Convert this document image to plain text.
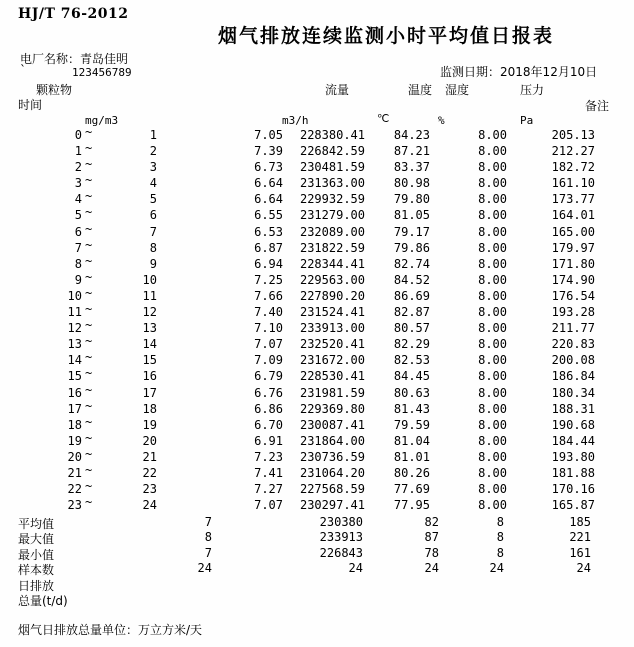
HJ/T 76-2012
烟气排放连续监测小时平均值日报表
电厂名称：青岛佳明
`	123456789	监测日期：2018年12月10日
颗粒物	流量	温度 湿度	压力
时间	备注
mg/m3	m3/h	℃	%	Pa
0 ~	1	7.05	228380.41	84.23	8.00	205.13
1 ~	2	7.39	226842.59	87.21	8.00	212.27
2 ~	3	6.73	230481.59	83.37	8.00	182.72
3 ~	4	6.64	231363.00	80.98	8.00	161.10
4 ~	5	6.64	229932.59	79.80	8.00	173.77
5 ~	6	6.55	231279.00	81.05	8.00	164.01
6 ~	7	6.53	232089.00	79.17	8.00	165.00
7 ~	8	6.87	231822.59	79.86	8.00	179.97
8 ~	9	6.94	228344.41	82.74	8.00	171.80
9 ~	10	7.25	229563.00	84.52	8.00	174.90
10 ~	11	7.66	227890.20	86.69	8.00	176.54
11 ~	12	7.40	231524.41	82.87	8.00	193.28
12 ~	13	7.10	233913.00	80.57	8.00	211.77
13 ~	14	7.07	232520.41	82.29	8.00	220.83
14 ~	15	7.09	231672.00	82.53	8.00	200.08
15 ~	16	6.79	228530.41	84.45	8.00	186.84
16 ~	17	6.76	231981.59	80.63	8.00	180.34
17 ~	18	6.86	229369.80	81.43	8.00	188.31
18 ~	19	6.70	230087.41	79.59	8.00	190.68
19 ~	20	6.91	231864.00	81.04	8.00	184.44
20 ~	21	7.23	230736.59	81.01	8.00	193.80
21 ~	22	7.41	231064.20	80.26	8.00	181.88
22 ~	23	7.27	227568.59	77.69	8.00	170.16
23 ~	24	7.07	230297.41	77.95	8.00	165.87
平均值	7	230380	82	8	185
最大值	8	233913	87	8	221
最小值	7	226843	78	8	161
样本数	24	24	24	24	24
日排放
总量(t/d)
烟气日排放总量单位：万立方米/天
